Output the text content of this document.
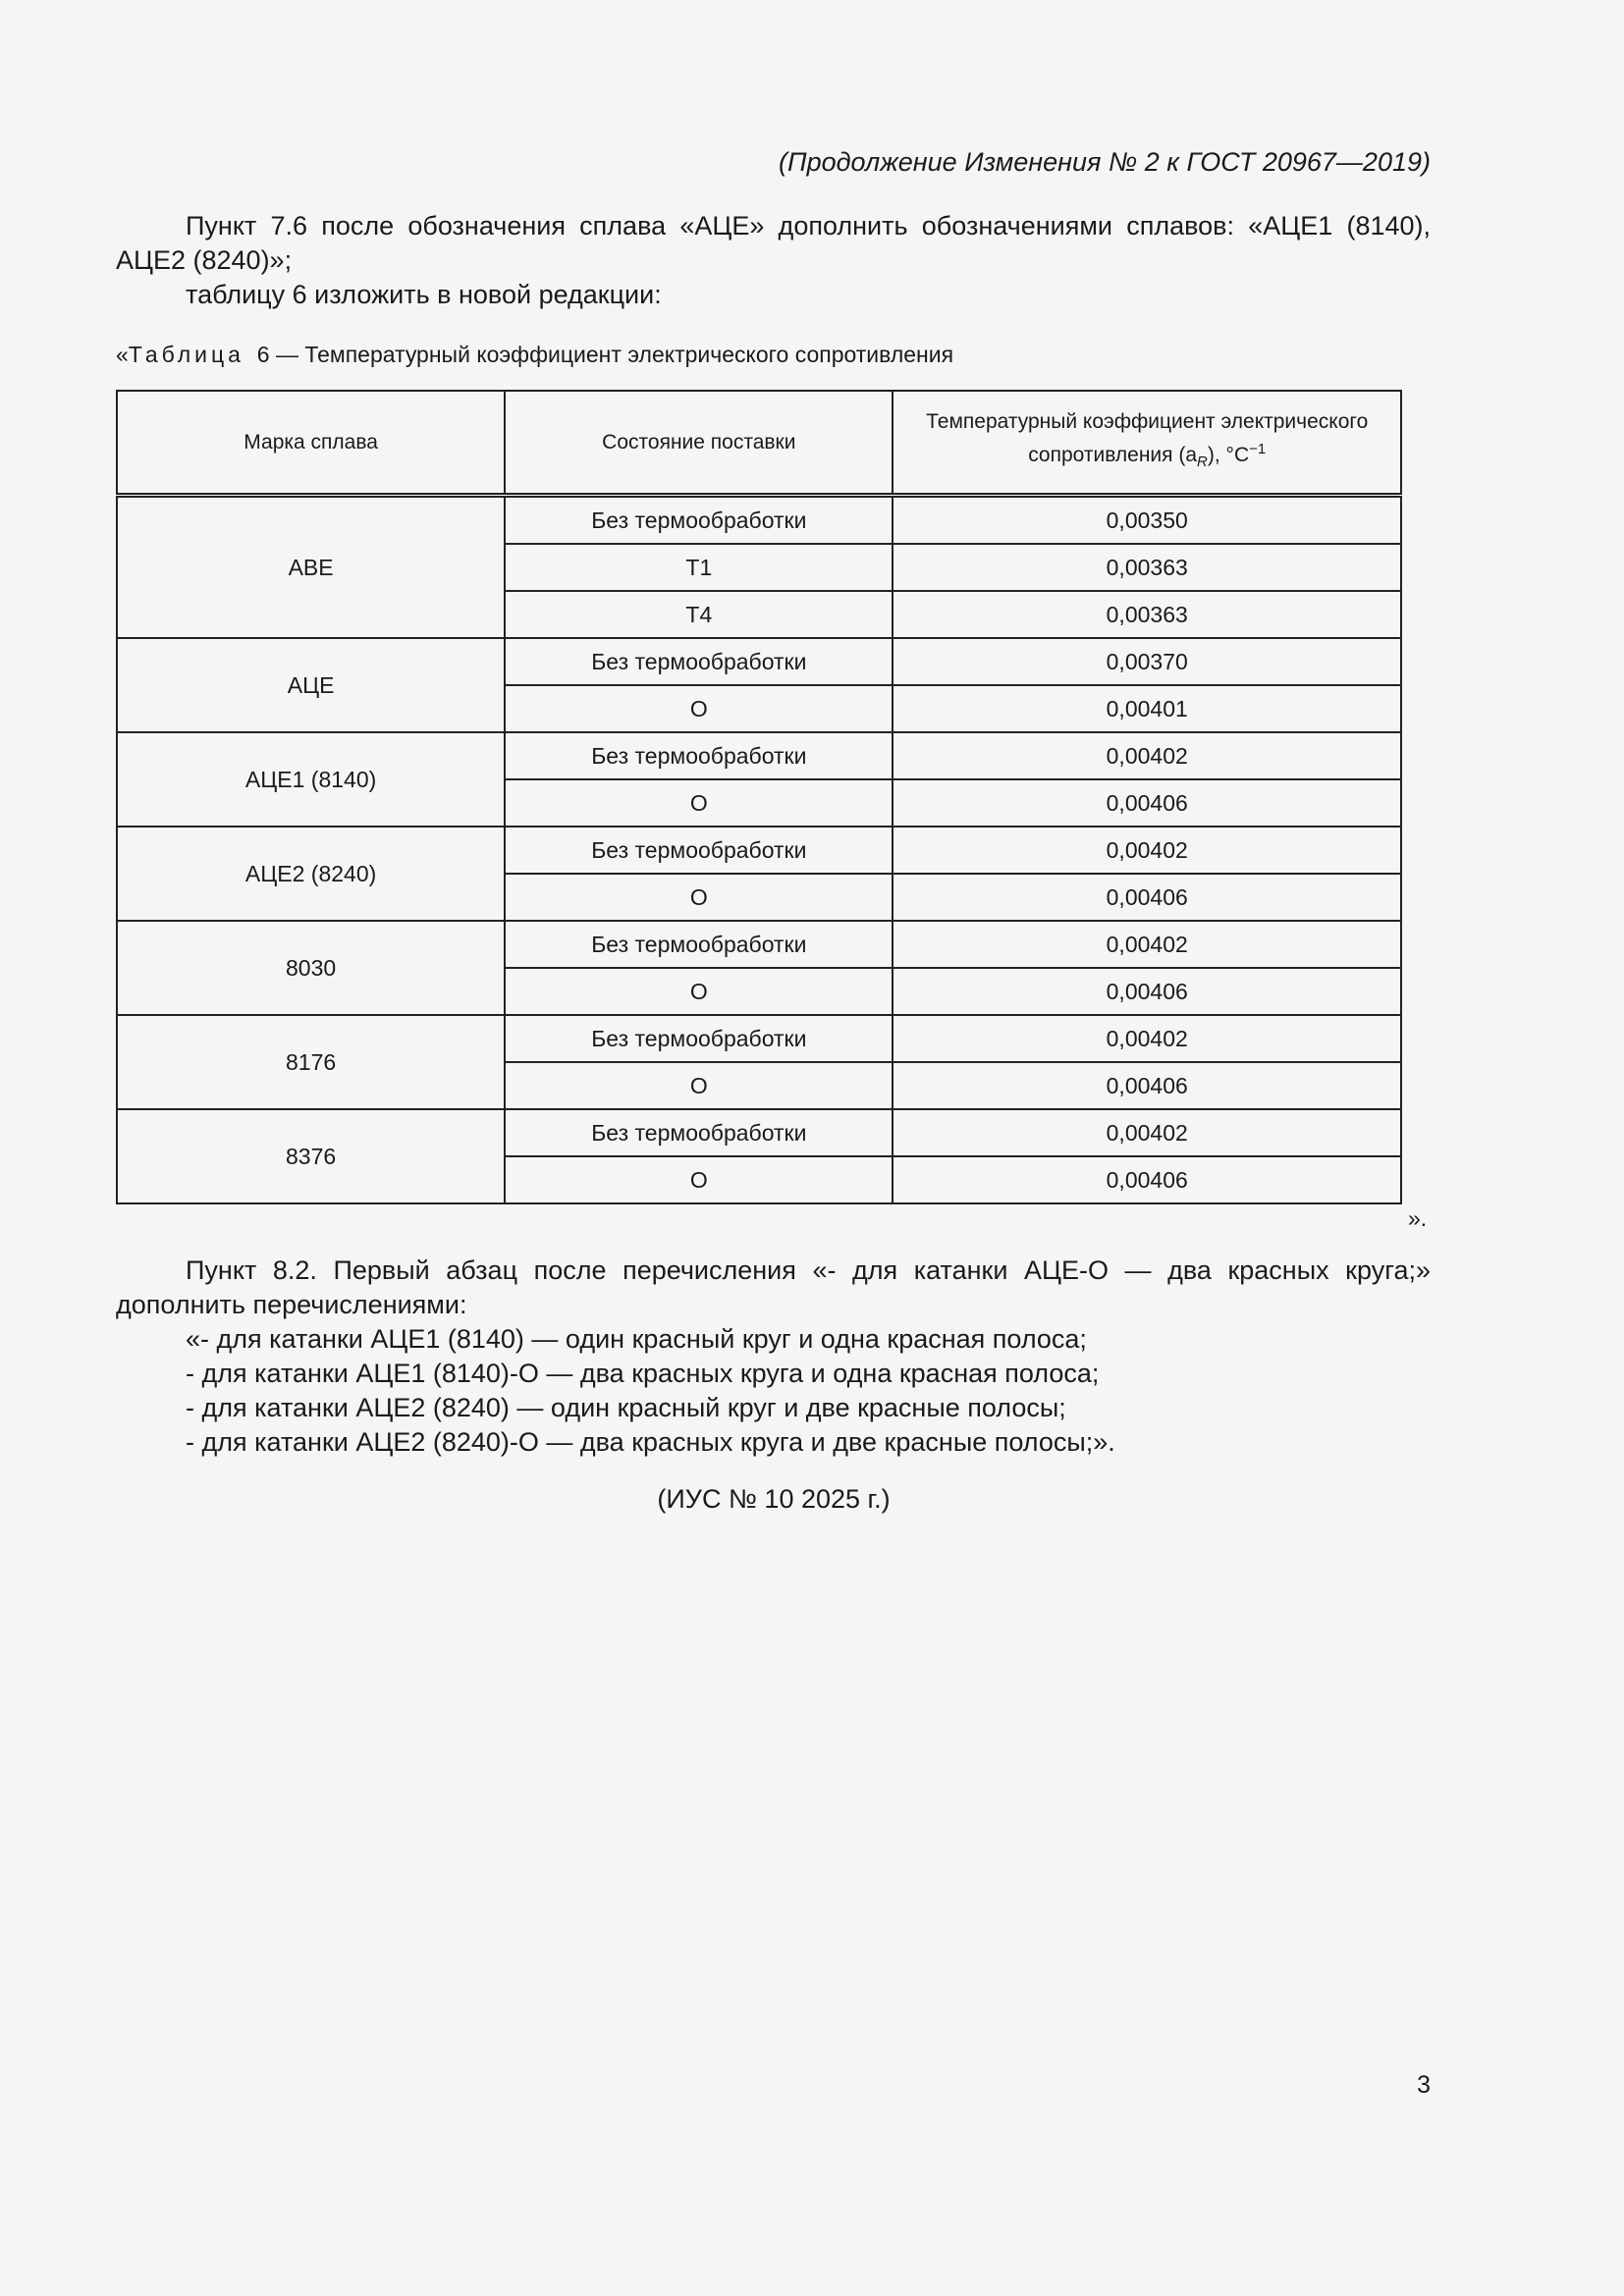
(Продолжение Изменения № 2 к ГОСТ 20967—2019)

Пункт 7.6 после обозначения сплава «АЦЕ» дополнить обозначениями сплавов: «АЦЕ1 (8140), АЦЕ2 (8240)»;

таблицу 6 изложить в новой редакции:

«Таблица 6 — Температурный коэффициент электрического сопротивления
Марка сплава	Состояние поставки	Температурный коэффициент электрического
сопротивления $(a_R)$, $^\circ C^{-1}$
АВЕ	Без термообработки	0,00350
	Т1	0,00363
	Т4	0,00363
АЦЕ	Без термообработки	0,00370
	О	0,00401
АЦЕ1 (8140)	Без термообработки	0,00402
	О	0,00406
АЦЕ2 (8240)	Без термообработки	0,00402
	О	0,00406
8030	Без термообработки	0,00402
	О	0,00406
8176	Без термообработки	0,00402
	О	0,00406
8376	Без термообработки	0,00402
	О	0,00406
».

Пункт 8.2. Первый абзац после перечисления «- для катанки АЦЕ-О — два красных круга;» дополнить перечислениями:

«- для катанки АЦЕ1 (8140) — один красный круг и одна красная полоса;

- для катанки АЦЕ1 (8140)-О — два красных круга и одна красная полоса;

- для катанки АЦЕ2 (8240) — один красный круг и две красные полосы;

- для катанки АЦЕ2 (8240)-О — два красных круга и две красные полосы;».

(ИУС № 10 2025 г.)
3
